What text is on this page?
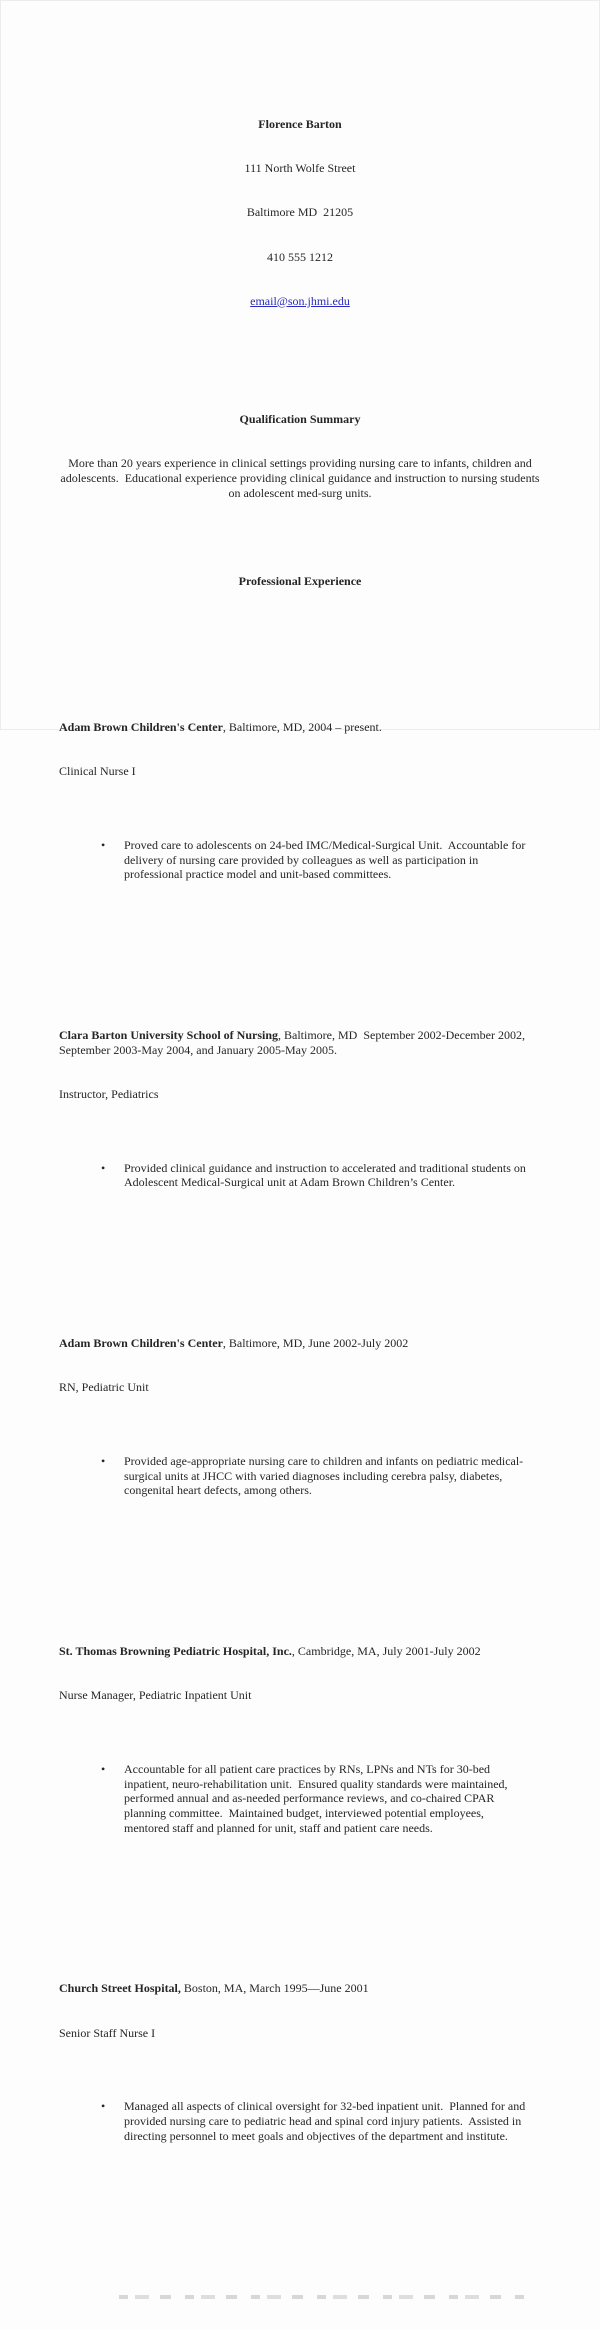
Florence Barton

111 North Wolfe Street

Baltimore MD  21205

410 555 1212

email@son.jhmi.edu

Qualification Summary

More than 20 years experience in clinical settings providing nursing care to infants, children and adolescents.  Educational experience providing clinical guidance and instruction to nursing students on adolescent med-surg units.

Professional Experience

Adam Brown Children's Center, Baltimore, MD, 2004 – present.

Clinical Nurse I

•	Proved care to adolescents on 24-bed IMC/Medical-Surgical Unit.  Accountable for delivery of nursing care provided by colleagues as well as participation in professional practice model and unit-based committees.

Clara Barton University School of Nursing, Baltimore, MD  September 2002-December 2002, September 2003-May 2004, and January 2005-May 2005.

Instructor, Pediatrics

•	Provided clinical guidance and instruction to accelerated and traditional students on Adolescent Medical-Surgical unit at Adam Brown Children’s Center.

Adam Brown Children's Center, Baltimore, MD, June 2002-July 2002

RN, Pediatric Unit

•	Provided age-appropriate nursing care to children and infants on pediatric medical-surgical units at JHCC with varied diagnoses including cerebra palsy, diabetes, congenital heart defects, among others.

St. Thomas Browning Pediatric Hospital, Inc., Cambridge, MA, July 2001-July 2002

Nurse Manager, Pediatric Inpatient Unit

•	Accountable for all patient care practices by RNs, LPNs and NTs for 30-bed inpatient, neuro-rehabilitation unit.  Ensured quality standards were maintained, performed annual and as-needed performance reviews, and co-chaired CPAR planning committee.  Maintained budget, interviewed potential employees, mentored staff and planned for unit, staff and patient care needs.

Church Street Hospital, Boston, MA, March 1995—June 2001

Senior Staff Nurse I

•	Managed all aspects of clinical oversight for 32-bed inpatient unit.  Planned for and provided nursing care to pediatric head and spinal cord injury patients.  Assisted in directing personnel to meet goals and objectives of the department and institute.
